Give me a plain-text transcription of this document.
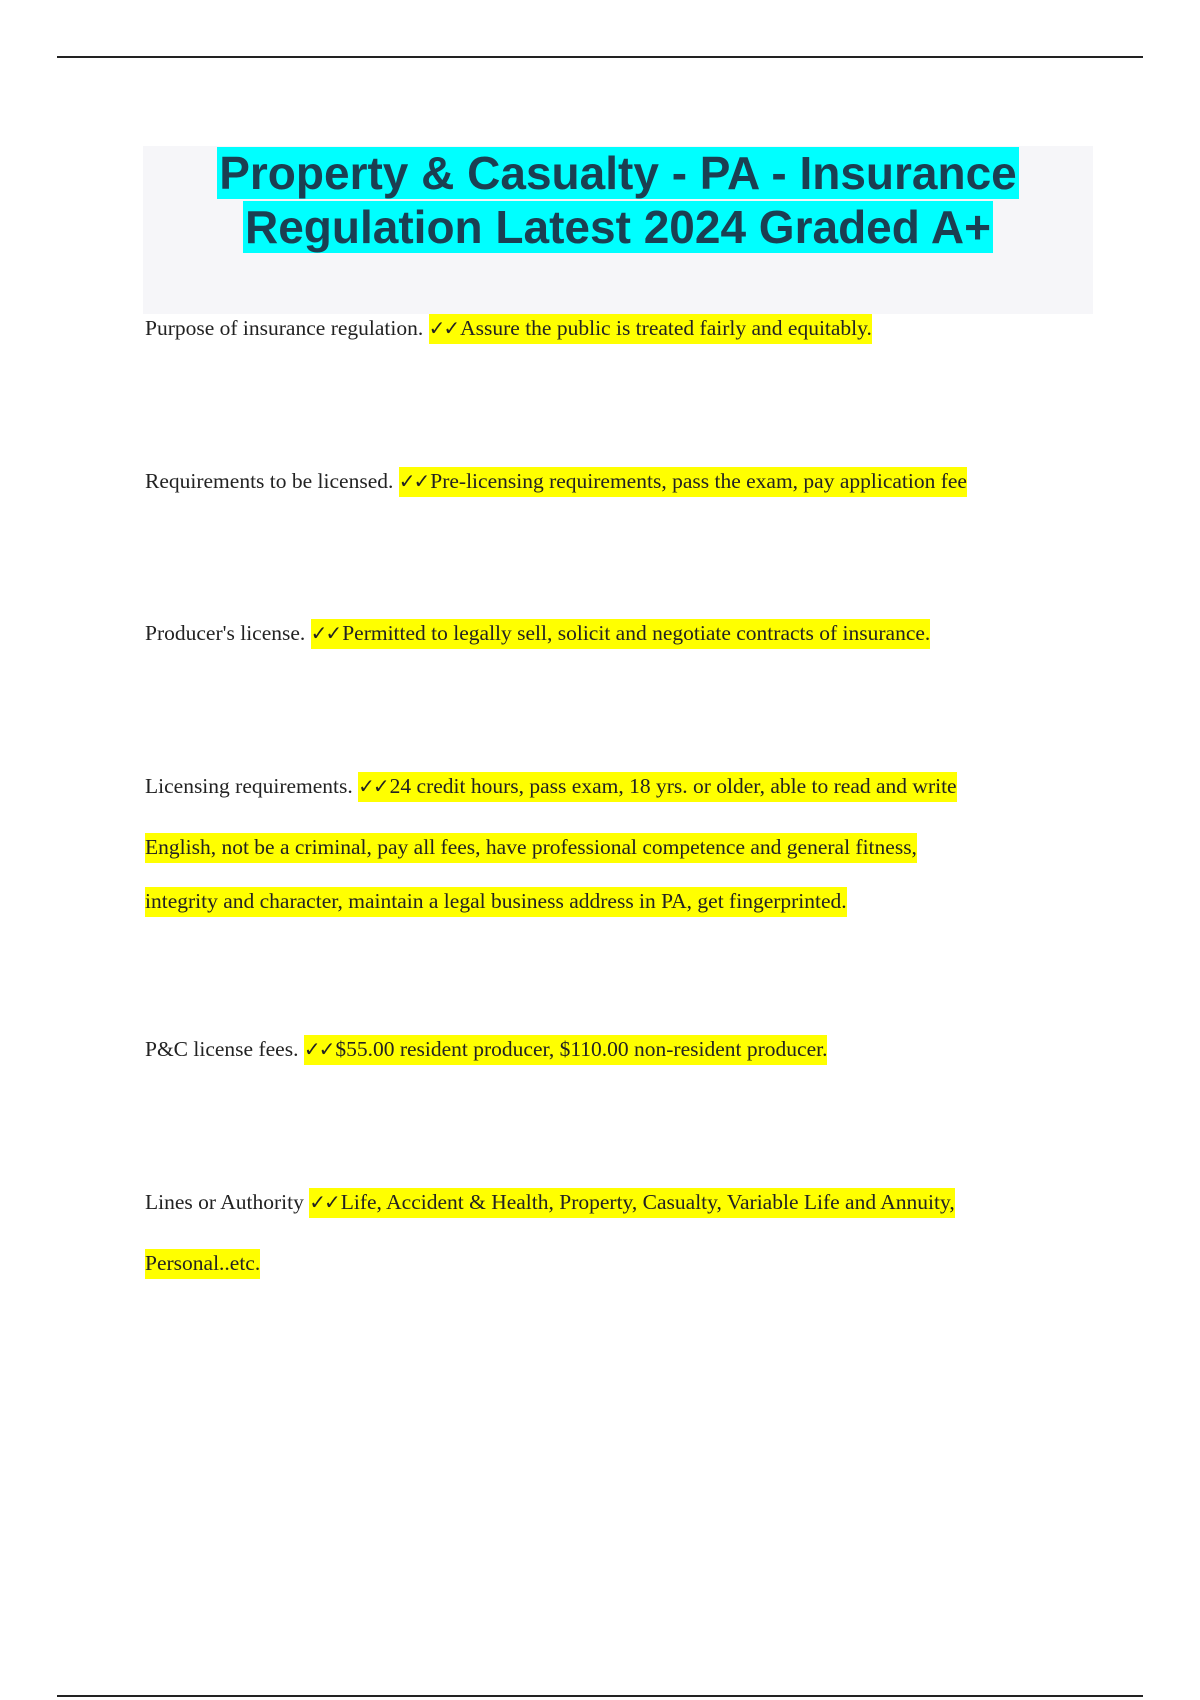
Property & Casualty - PA - Insurance
Regulation Latest 2024 Graded A+
Purpose of insurance regulation. ✓✓Assure the public is treated fairly and equitably.
Requirements to be licensed. ✓✓Pre-licensing requirements, pass the exam, pay application fee
Producer's license. ✓✓Permitted to legally sell, solicit and negotiate contracts of insurance.
Licensing requirements. ✓✓24 credit hours, pass exam, 18 yrs. or older, able to read and write
English, not be a criminal, pay all fees, have professional competence and general fitness,
integrity and character, maintain a legal business address in PA, get fingerprinted.
P&C license fees. ✓✓$55.00 resident producer, $110.00 non-resident producer.
Lines or Authority ✓✓Life, Accident & Health, Property, Casualty, Variable Life and Annuity,
Personal..etc.
